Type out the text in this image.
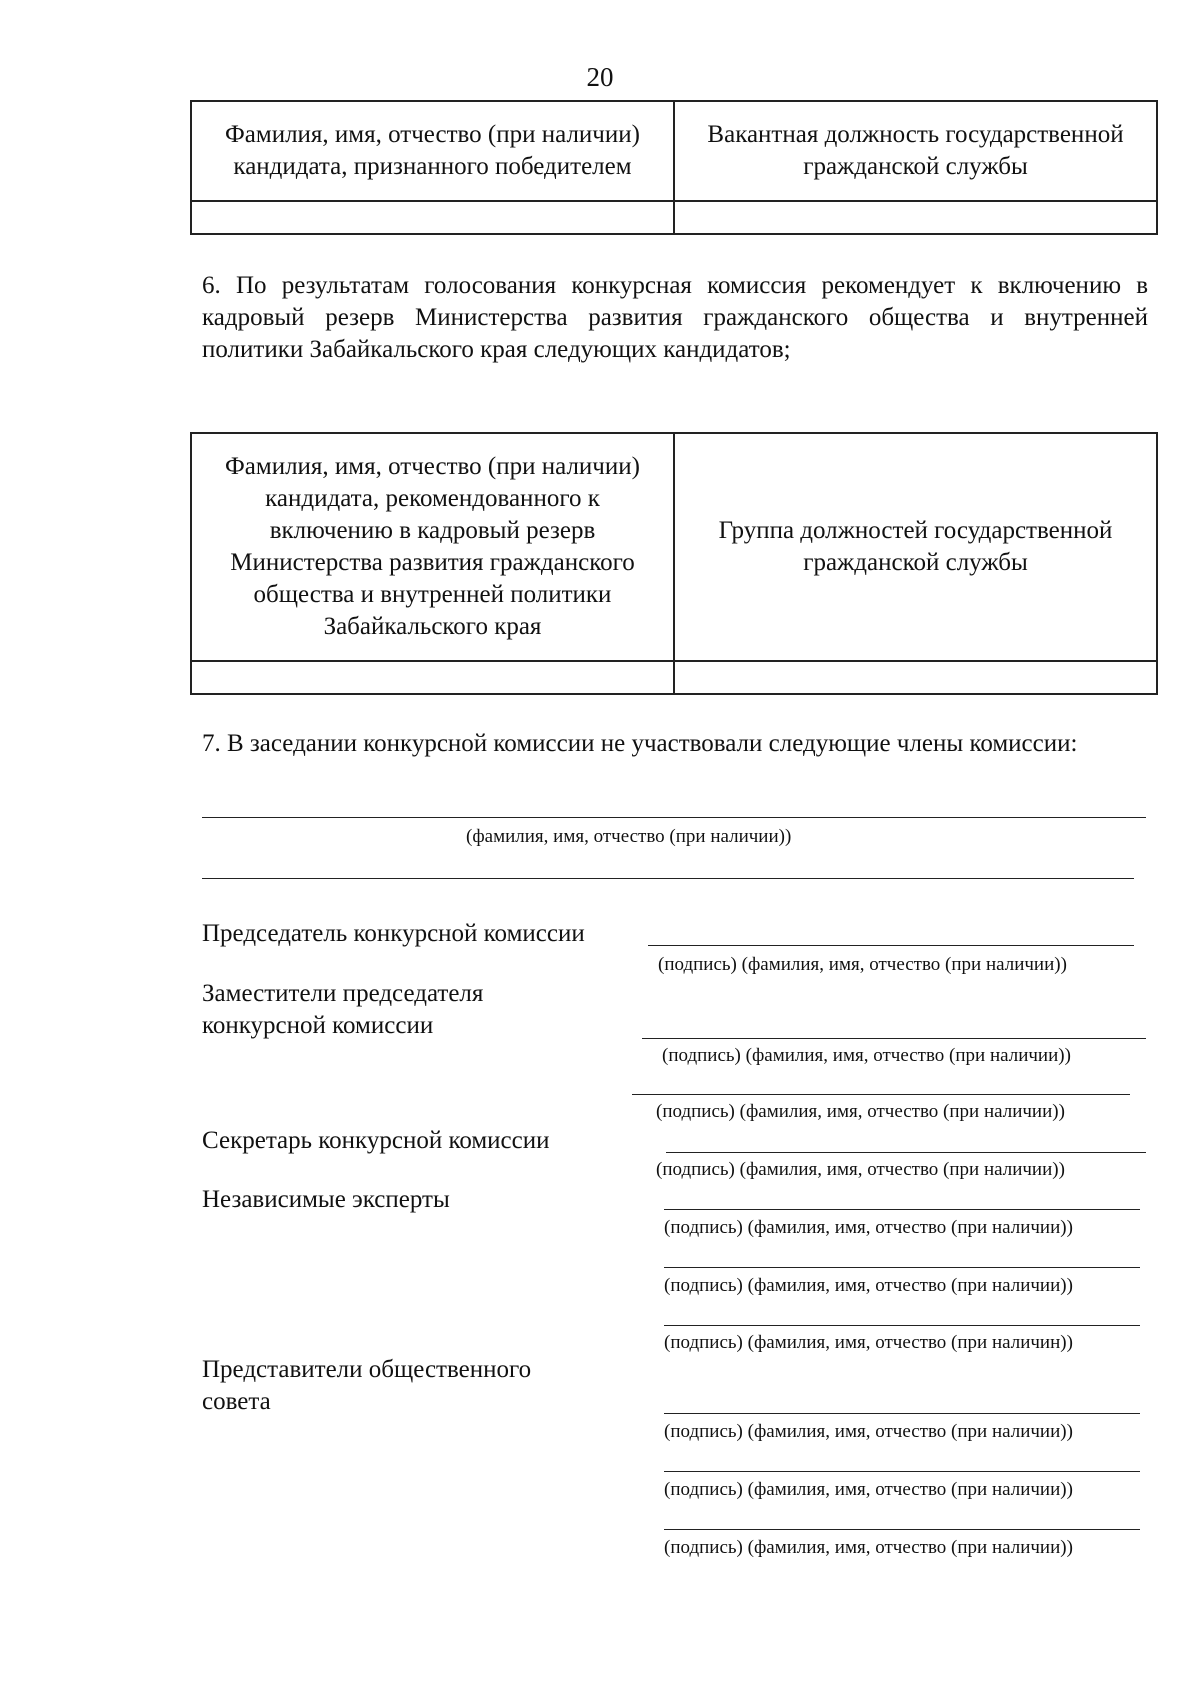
20
Фамилия, имя, отчество (при наличии) кандидата, признанного победителем	Вакантная должность государственной гражданской службы

6. По результатам голосования конкурсная комиссия рекомендует к включению в кадровый резерв Министерства развития гражданского общества и внутренней политики Забайкальского края следующих кандидатов;
Фамилия, имя, отчество (при наличии) кандидата, рекомендованного к включению в кадровый резерв Министерства развития гражданского общества и внутренней политики Забайкальского края	Группа должностей государственной гражданской службы

7. В заседании конкурсной комиссии не участвовали следующие члены комиссии:
(фамилия, имя, отчество (при наличии))
Председатель конкурсной комиссии
(подпись) (фамилия, имя, отчество (при наличии))
Заместители председателя конкурсной комиссии
(подпись) (фамилия, имя, отчество (при наличии))
(подпись) (фамилия, имя, отчество (при наличии))
Секретарь конкурсной комиссии
(подпись) (фамилия, имя, отчество (при наличии))
Независимые эксперты
(подпись) (фамилия, имя, отчество (при наличии))
(подпись) (фамилия, имя, отчество (при наличии))
(подпись) (фамилия, имя, отчество (при наличин))
Представители общественного совета
(подпись) (фамилия, имя, отчество (при наличии))
(подпись) (фамилия, имя, отчество (при наличии))
(подпись) (фамилия, имя, отчество (при наличии))
